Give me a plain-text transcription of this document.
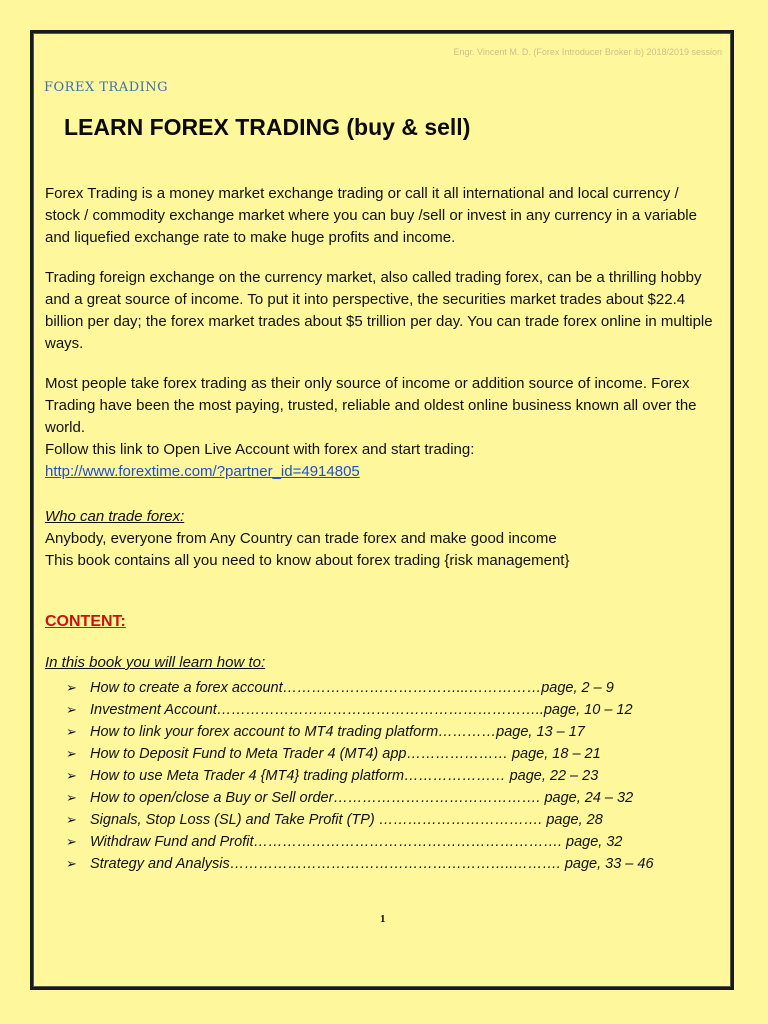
Engr. Vincent M. D. (Forex Introducer Broker ib) 2018/2019 session
FOREX TRADING
LEARN FOREX TRADING (buy & sell)

Forex Trading is a money market exchange trading or call it all international and local currency / stock / commodity exchange market where you can buy /sell or invest in any currency in a variable and liquefied exchange rate to make huge profits and income.

Trading foreign exchange on the currency market, also called trading forex, can be a thrilling hobby and a great source of income. To put it into perspective, the securities market trades about $22.4 billion per day; the forex market trades about $5 trillion per day. You can trade forex online in multiple ways.

Most people take forex trading as their only source of income or addition source of income. Forex Trading have been the most paying, trusted, reliable and oldest online business known all over the world.
Follow this link to Open Live Account with forex and start trading:
http://www.forextime.com/?partner_id=4914805
Who can trade forex:
Anybody, everyone from Any Country can trade forex and make good income
This book contains all you need to know about forex trading {risk management}
CONTENT:
In this book you will learn how to:
➢ How to create a forex account………………………………...……………page, 2 – 9
➢ Investment Account…………………………………………………………..page, 10 – 12
➢ How to link your forex account to MT4 trading platform…………page, 13 – 17
➢ How to Deposit Fund to Meta Trader 4 (MT4) app………………… page, 18 – 21
➢ How to use Meta Trader 4 {MT4} trading platform………………… page, 22 – 23
➢ How to open/close a Buy or Sell order……………………………………. page, 24 – 32
➢ Signals, Stop Loss (SL) and Take Profit (TP) ……………………………. page, 28
➢ Withdraw Fund and Profit………………………………………………………. page, 32
➢ Strategy and Analysis…………………………………………………..………. page, 33 – 46
1
